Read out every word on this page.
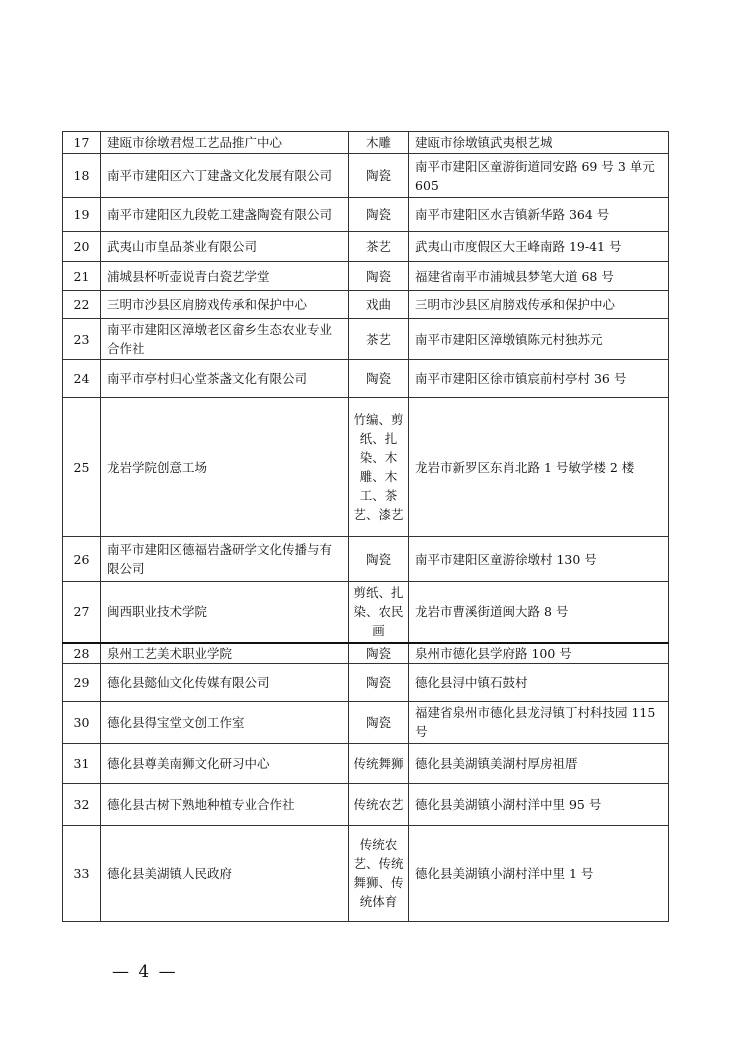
17	建瓯市徐墩君煜工艺品推广中心	木雕	建瓯市徐墩镇武夷根艺城
18	南平市建阳区六丁建盏文化发展有限公司	陶瓷	南平市建阳区童游街道同安路 69 号 3 单元 605
19	南平市建阳区九段乾工建盏陶瓷有限公司	陶瓷	南平市建阳区水吉镇新华路 364 号
20	武夷山市皇品茶业有限公司	茶艺	武夷山市度假区大王峰南路 19-41 号
21	浦城县杯听壶说青白瓷艺学堂	陶瓷	福建省南平市浦城县梦笔大道 68 号
22	三明市沙县区肩膀戏传承和保护中心	戏曲	三明市沙县区肩膀戏传承和保护中心
23	南平市建阳区漳墩老区畲乡生态农业专业合作社	茶艺	南平市建阳区漳墩镇陈元村独苏元
24	南平市亭村归心堂茶盏文化有限公司	陶瓷	南平市建阳区徐市镇宸前村亭村 36 号
25	龙岩学院创意工场	竹编、剪纸、扎染、木雕、木工、茶艺、漆艺	龙岩市新罗区东肖北路 1 号敏学楼 2 楼
26	南平市建阳区德福岩盏研学文化传播与有限公司	陶瓷	南平市建阳区童游徐墩村 130 号
27	闽西职业技术学院	剪纸、扎染、农民画	龙岩市曹溪街道闽大路 8 号
28	泉州工艺美术职业学院	陶瓷	泉州市德化县学府路 100 号
29	德化县懿仙文化传媒有限公司	陶瓷	德化县浔中镇石鼓村
30	德化县得宝堂文创工作室	陶瓷	福建省泉州市德化县龙浔镇丁村科技园 115 号
31	德化县尊美南狮文化研习中心	传统舞狮	德化县美湖镇美湖村厚房祖厝
32	德化县古树下熟地种植专业合作社	传统农艺	德化县美湖镇小湖村洋中里 95 号
33	德化县美湖镇人民政府	传统农艺、传统舞狮、传统体育	德化县美湖镇小湖村洋中里 1 号
— 4 —
